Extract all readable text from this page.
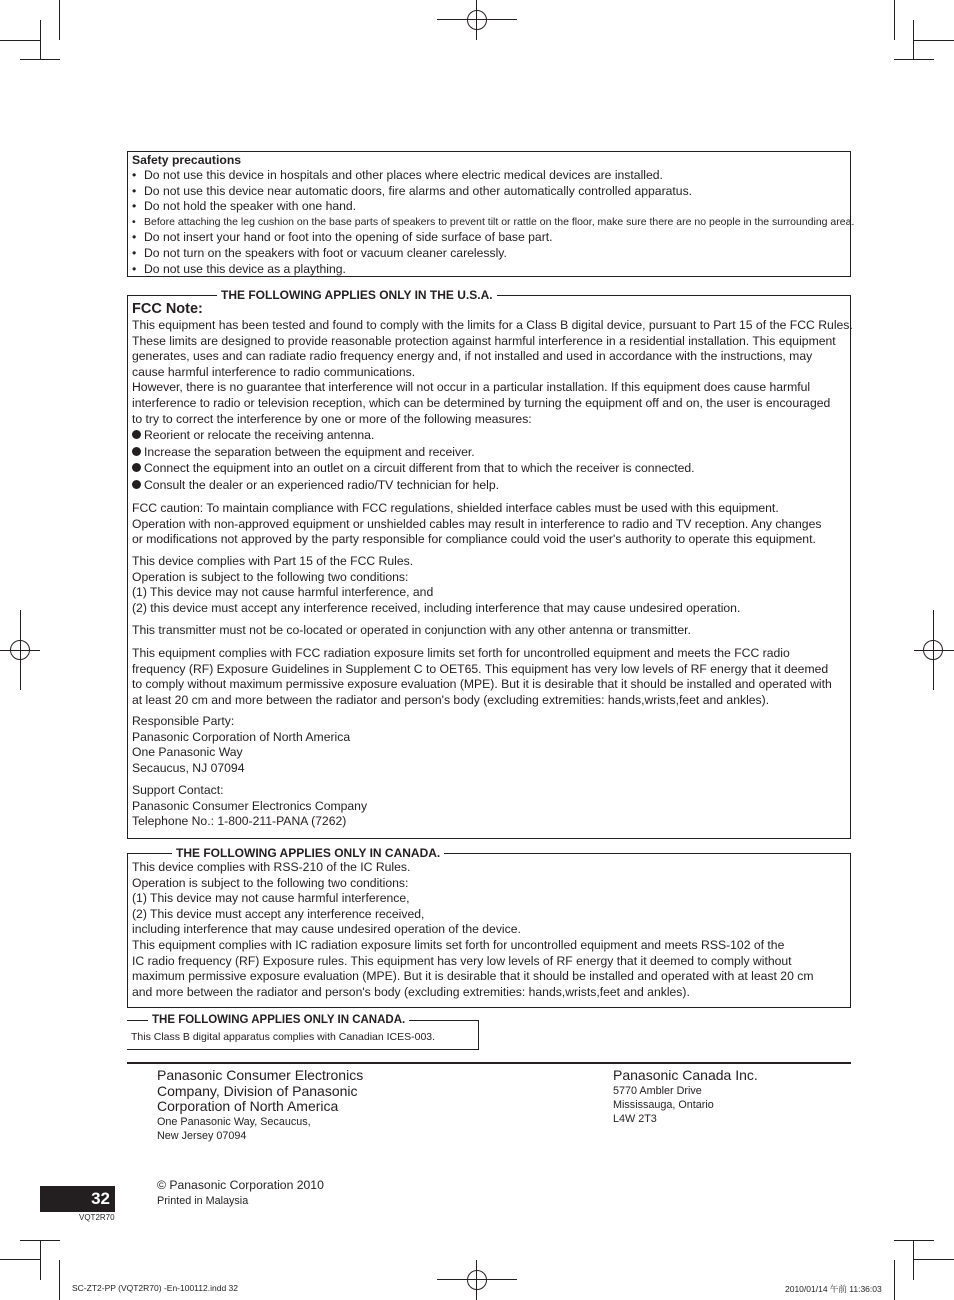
Safety precautions
• Do not use this device in hospitals and other places where electric medical devices are installed.
• Do not use this device near automatic doors, fire alarms and other automatically controlled apparatus.
• Do not hold the speaker with one hand.
• Before attaching the leg cushion on the base parts of speakers to prevent tilt or rattle on the floor, make sure there are no people in the surrounding area.
• Do not insert your hand or foot into the opening of side surface of base part.
• Do not turn on the speakers with foot or vacuum cleaner carelessly.
• Do not use this device as a plaything.
THE FOLLOWING APPLIES ONLY IN THE U.S.A.
FCC Note:
This equipment has been tested and found to comply with the limits for a Class B digital device, pursuant to Part 15 of the FCC Rules.
These limits are designed to provide reasonable protection against harmful interference in a residential installation. This equipment
generates, uses and can radiate radio frequency energy and, if not installed and used in accordance with the instructions, may
cause harmful interference to radio communications.
However, there is no guarantee that interference will not occur in a particular installation. If this equipment does cause harmful
interference to radio or television reception, which can be determined by turning the equipment off and on, the user is encouraged
to try to correct the interference by one or more of the following measures:
Reorient or relocate the receiving antenna.
Increase the separation between the equipment and receiver.
Connect the equipment into an outlet on a circuit different from that to which the receiver is connected.
Consult the dealer or an experienced radio/TV technician for help.
FCC caution: To maintain compliance with FCC regulations, shielded interface cables must be used with this equipment.
Operation with non-approved equipment or unshielded cables may result in interference to radio and TV reception. Any changes
or modifications not approved by the party responsible for compliance could void the user's authority to operate this equipment.
This device complies with Part 15 of the FCC Rules.
Operation is subject to the following two conditions:
(1) This device may not cause harmful interference, and
(2) this device must accept any interference received, including interference that may cause undesired operation.
This transmitter must not be co-located or operated in conjunction with any other antenna or transmitter.
This equipment complies with FCC radiation exposure limits set forth for uncontrolled equipment and meets the FCC radio
frequency (RF) Exposure Guidelines in Supplement C to OET65. This equipment has very low levels of RF energy that it deemed
to comply without maximum permissive exposure evaluation (MPE). But it is desirable that it should be installed and operated with
at least 20 cm and more between the radiator and person's body (excluding extremities: hands,wrists,feet and ankles).
Responsible Party:
Panasonic Corporation of North America
One Panasonic Way
Secaucus, NJ 07094
Support Contact:
Panasonic Consumer Electronics Company
Telephone No.: 1-800-211-PANA (7262)
THE FOLLOWING APPLIES ONLY IN CANADA.
This device complies with RSS-210 of the IC Rules.
Operation is subject to the following two conditions:
(1) This device may not cause harmful interference,
(2) This device must accept any interference received,
including interference that may cause undesired operation of the device.
This equipment complies with IC radiation exposure limits set forth for uncontrolled equipment and meets RSS-102 of the
IC radio frequency (RF) Exposure rules. This equipment has very low levels of RF energy that it deemed to comply without
maximum permissive exposure evaluation (MPE). But it is desirable that it should be installed and operated with at least 20 cm
and more between the radiator and person's body (excluding extremities: hands,wrists,feet and ankles).
THE FOLLOWING APPLIES ONLY IN CANADA.
This Class B digital apparatus complies with Canadian ICES-003.
Panasonic Consumer Electronics
Company, Division of Panasonic
Corporation of North America
One Panasonic Way, Secaucus,
New Jersey 07094
Panasonic Canada Inc.
5770 Ambler Drive
Mississauga, Ontario
L4W 2T3
© Panasonic Corporation 2010
Printed in Malaysia
32
VQT2R70
SC-ZT2-PP (VQT2R70) -En-100112.indd 32	2010/01/14 午前 11:36:03
